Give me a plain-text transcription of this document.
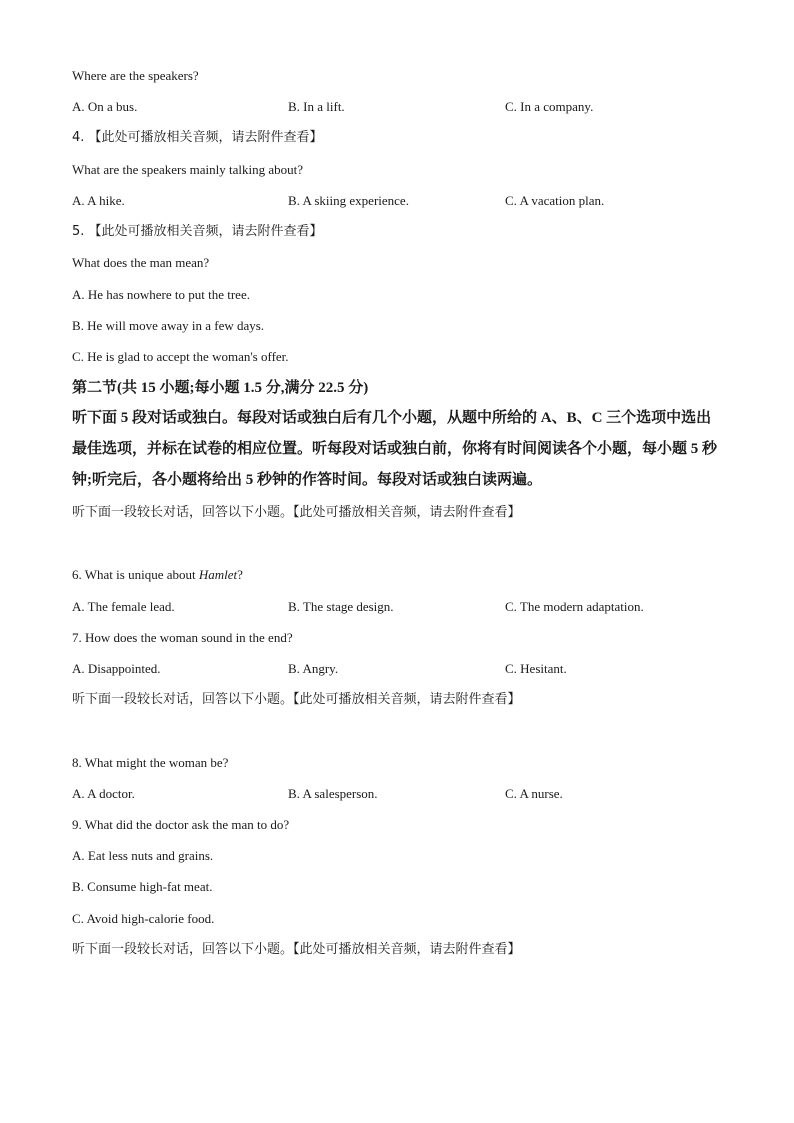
Where are the speakers?
A. On a bus.	B. In a lift.	C. In a company.
4. 【此处可播放相关音频，请去附件查看】
What are the speakers mainly talking about?
A. A hike.	B. A skiing experience.	C. A vacation plan.
5. 【此处可播放相关音频，请去附件查看】
What does the man mean?
A. He has nowhere to put the tree.
B. He will move away in a few days.
C. He is glad to accept the woman's offer.
第二节(共 15 小题;每小题 1.5 分,满分 22.5 分)
听下面 5 段对话或独白。每段对话或独白后有几个小题，从题中所给的 A、B、C 三个选项中选出最佳选项，并标在试卷的相应位置。听每段对话或独白前，你将有时间阅读各个小题，每小题 5 秒钟;听完后，各小题将给出 5 秒钟的作答时间。每段对话或独白读两遍。
听下面一段较长对话，回答以下小题。【此处可播放相关音频，请去附件查看】
6. What is unique about Hamlet?
A. The female lead.	B. The stage design.	C. The modern adaptation.
7. How does the woman sound in the end?
A. Disappointed.	B. Angry.	C. Hesitant.
听下面一段较长对话，回答以下小题。【此处可播放相关音频，请去附件查看】
8. What might the woman be?
A. A doctor.	B. A salesperson.	C. A nurse.
9. What did the doctor ask the man to do?
A. Eat less nuts and grains.
B. Consume high-fat meat.
C. Avoid high-calorie food.
听下面一段较长对话，回答以下小题。【此处可播放相关音频，请去附件查看】
